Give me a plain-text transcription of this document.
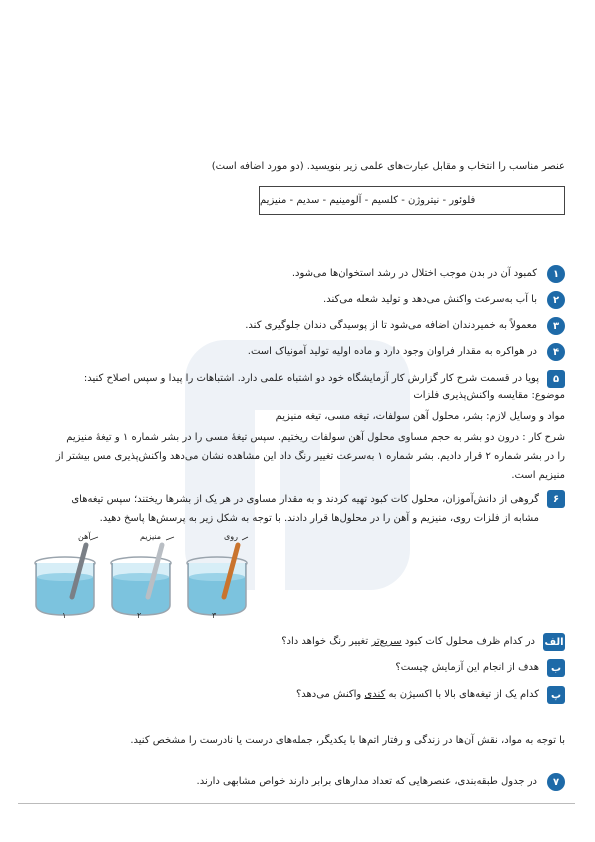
عنصر مناسب را انتخاب و مقابل عبارت‌های علمی زیر بنویسید. (دو مورد اضافه است)
فلوئور - نیتروژن - کلسیم - آلومینیم - سدیم - منیزیم
۱
کمبود آن در بدن موجب اختلال در رشد استخوان‌ها می‌شود.
۲
با آب به‌سرعت واکنش می‌دهد و تولید شعله می‌کند.
۳
معمولاً به خمیردندان اضافه می‌شود تا از پوسیدگی دندان جلوگیری کند.
۴
در هواکره به مقدار فراوان وجود دارد و ماده اولیه تولید آمونیاک است.
۵
پویا در قسمت شرح کار گزارش کار آزمایشگاه خود دو اشتباه علمی دارد. اشتباهات را پیدا و سپس اصلاح کنید:
موضوع: مقایسه واکنش‌پذیری فلزات
مواد و وسایل لازم: بشر، محلول آهن سولفات، تیغه مسی، تیغه منیزیم
شرح کار : درون دو بشر به حجم مساوی محلول آهن سولفات ریختیم. سپس تیغهٔ مسی را در بشر شماره ۱ و تیغهٔ منیزیم
را در بشر شماره ۲ قرار دادیم. بشر شماره ۱ به‌سرعت تغییر رنگ داد این مشاهده نشان می‌دهد واکنش‌پذیری مس بیشتر از
منیزیم است.
۶
گروهی از دانش‌آموزان، محلول کات کبود تهیه کردند و به مقدار مساوی در هر یک از بشرها ریختند؛ سپس تیغه‌های
مشابه از فلزات روی، منیزیم و آهن را در محلول‌ها قرار دادند. با توجه به شکل زیر به پرسش‌ها پاسخ دهید.
آهن	منیزیم	روی
۱	۲	۳
الف
در کدام ظرف محلول کات کبود سریع‌تر تغییر رنگ خواهد داد؟
ب
هدف از انجام این آزمایش چیست؟
پ
کدام یک از تیغه‌های بالا با اکسیژن به کندی واکنش می‌دهد؟
با توجه به مواد، نقش آن‌ها در زندگی و رفتار اتم‌ها با یکدیگر، جمله‌های درست یا نادرست را مشخص کنید.
۷
در جدول طبقه‌بندی، عنصرهایی که تعداد مدارهای برابر دارند خواص مشابهی دارند.
